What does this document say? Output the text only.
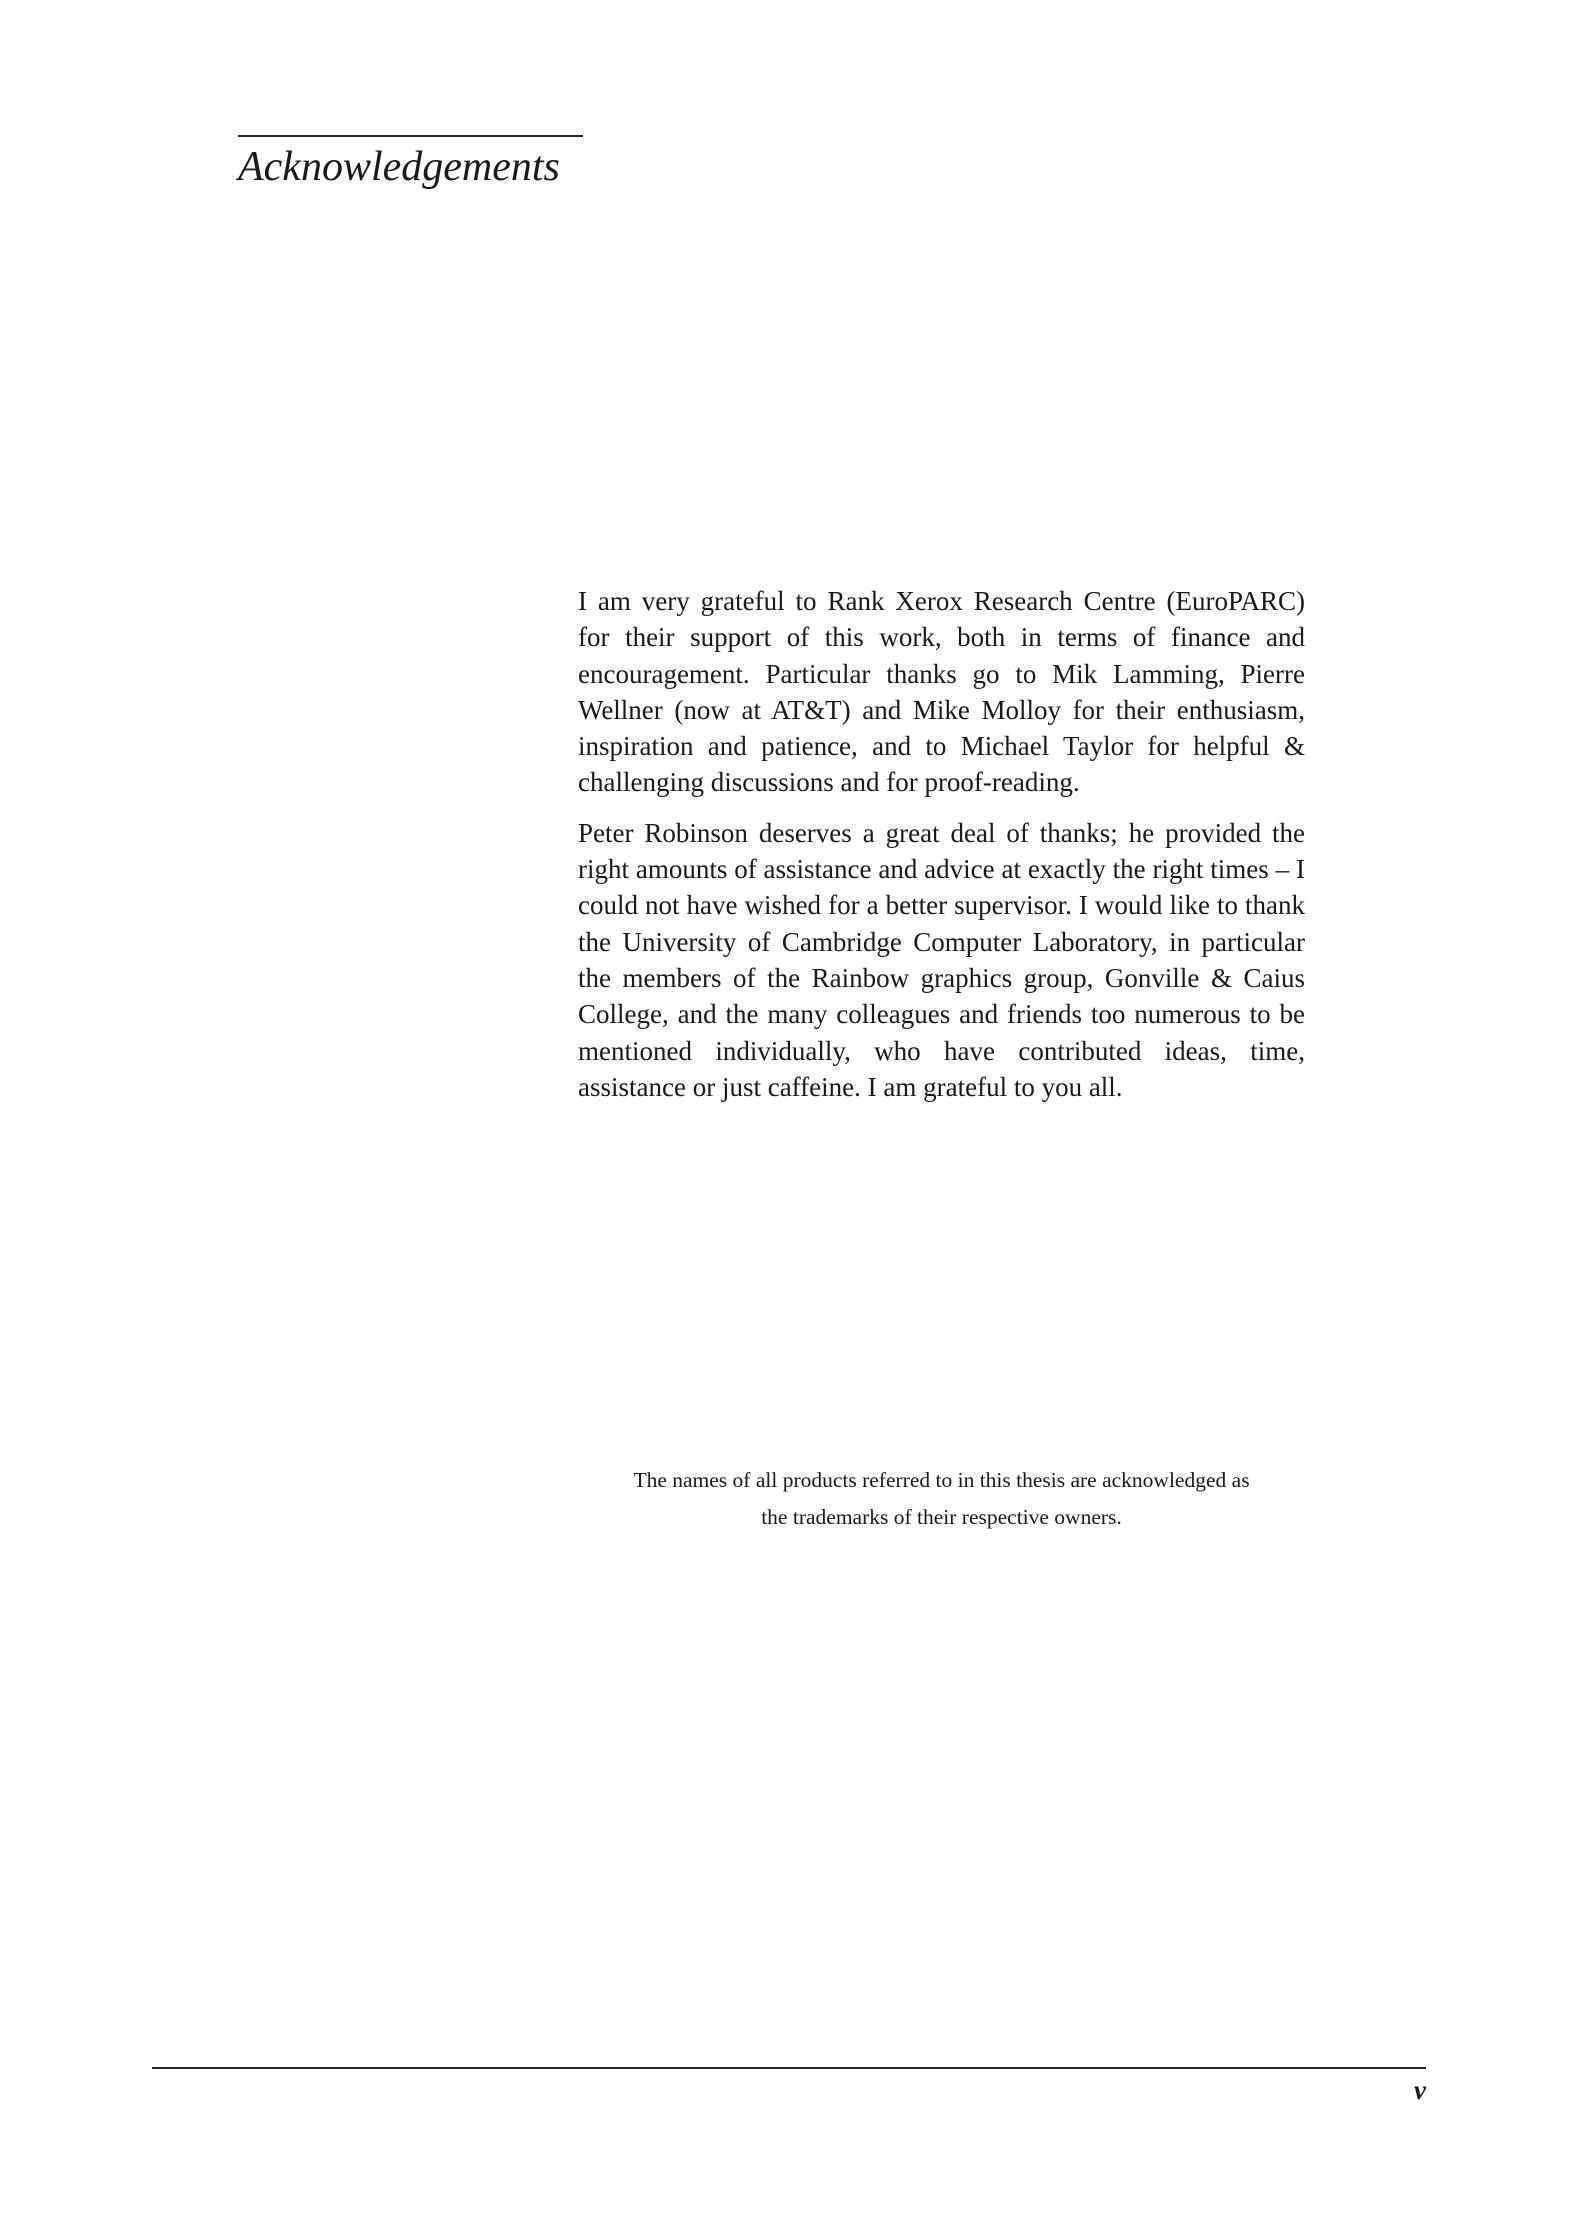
Acknowledgements

I am very grateful to Rank Xerox Research Centre (EuroPARC) for their support of this work, both in terms of finance and encouragement. Particular thanks go to Mik Lamming, Pierre Wellner (now at AT&T) and Mike Molloy for their enthusiasm, inspiration and patience, and to Michael Taylor for helpful & challenging discussions and for proof-reading.

Peter Robinson deserves a great deal of thanks; he provided the right amounts of assistance and advice at exactly the right times – I could not have wished for a better supervisor. I would like to thank the University of Cambridge Computer Laboratory, in particular the members of the Rainbow graphics group, Gonville & Caius College, and the many colleagues and friends too numerous to be mentioned individually, who have contributed ideas, time, assistance or just caffeine. I am grateful to you all.

The names of all products referred to in this thesis are acknowledged as
the trademarks of their respective owners.
v
